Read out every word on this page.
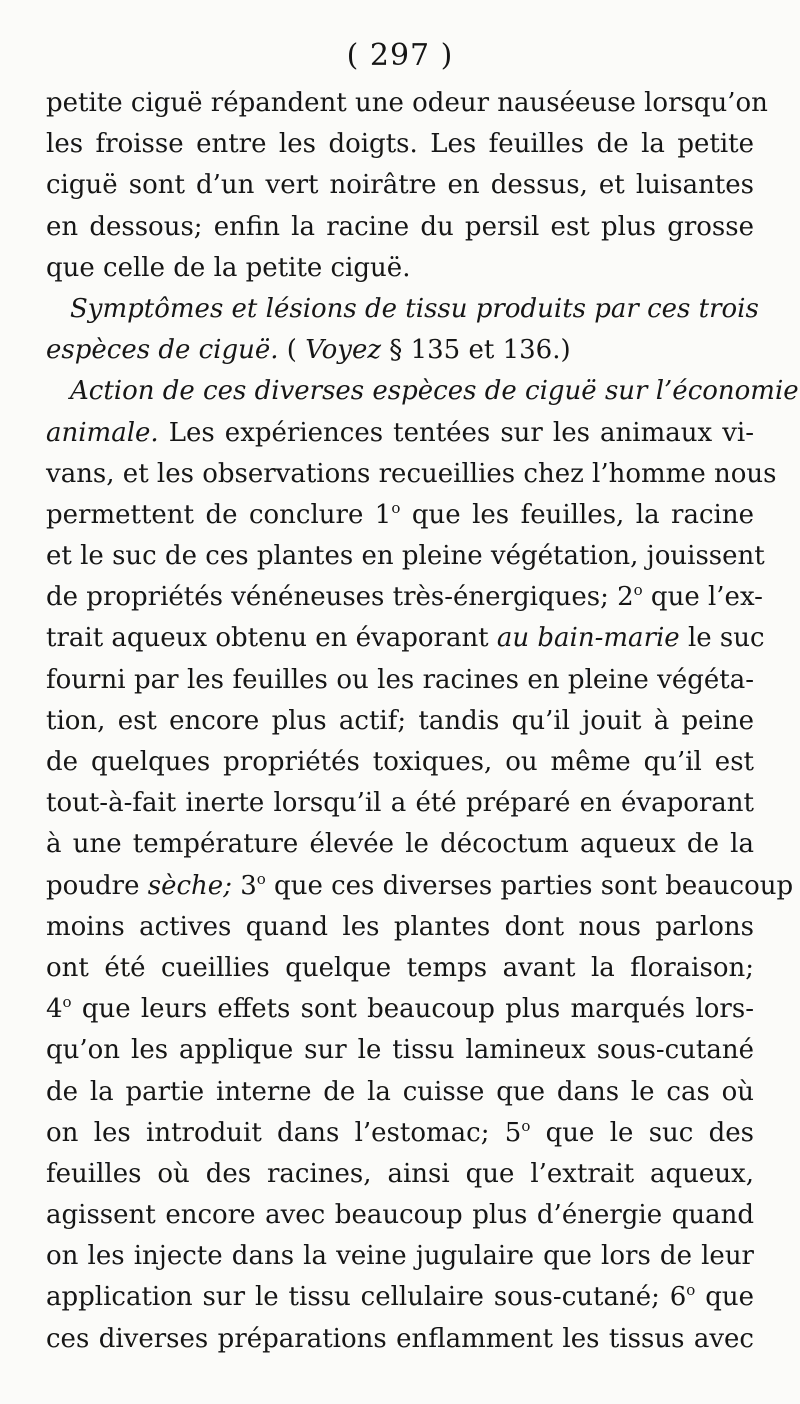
( 297 )
petite ciguë répandent une odeur nauséeuse lorsqu’on
les froisse entre les doigts. Les feuilles de la petite
ciguë sont d’un vert noirâtre en dessus, et luisantes
en dessous; enfin la racine du persil est plus grosse
que celle de la petite ciguë.
Symptômes et lésions de tissu produits par ces trois
espèces de ciguë. ( Voyez § 135 et 136.)
Action de ces diverses espèces de ciguë sur l’économie
animale. Les expériences tentées sur les animaux vi-
vans, et les observations recueillies chez l’homme nous
permettent de conclure 1$^o$ que les feuilles, la racine
et le suc de ces plantes en pleine végétation, jouissent
de propriétés vénéneuses très-énergiques; 2$^o$ que l’ex-
trait aqueux obtenu en évaporant au bain-marie le suc
fourni par les feuilles ou les racines en pleine végéta-
tion, est encore plus actif; tandis qu’il jouit à peine
de quelques propriétés toxiques, ou même qu’il est
tout-à-fait inerte lorsqu’il a été préparé en évaporant
à une température élevée le décoctum aqueux de la
poudre sèche; 3$^o$ que ces diverses parties sont beaucoup
moins actives quand les plantes dont nous parlons
ont été cueillies quelque temps avant la floraison;
4$^o$ que leurs effets sont beaucoup plus marqués lors-
qu’on les applique sur le tissu lamineux sous-cutané
de la partie interne de la cuisse que dans le cas où
on les introduit dans l’estomac; 5$^o$ que le suc des
feuilles où des racines, ainsi que l’extrait aqueux,
agissent encore avec beaucoup plus d’énergie quand
on les injecte dans la veine jugulaire que lors de leur
application sur le tissu cellulaire sous-cutané; 6$^o$ que
ces diverses préparations enflamment les tissus avec
